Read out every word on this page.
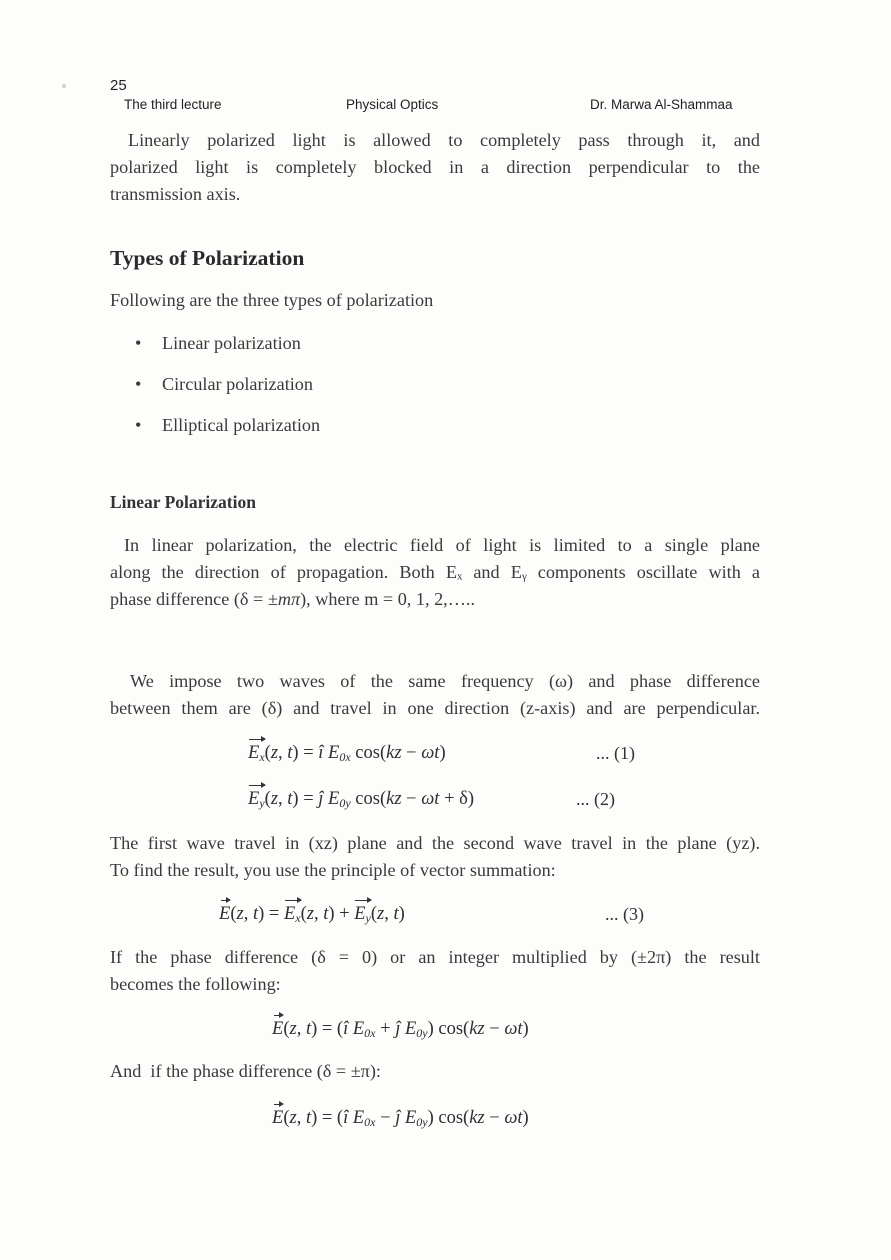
25
The third lecture	Physical Optics	Dr. Marwa Al-Shammaa
Linearly polarized light is allowed to completely pass through it, and
polarized light is completely blocked in a direction perpendicular to the
transmission axis.
Types of Polarization
Following are the three types of polarization
• Linear polarization
• Circular polarization
• Elliptical polarization
Linear Polarization
In linear polarization, the electric field of light is limited to a single plane
along the direction of propagation. Both Eₓ and Eᵧ components oscillate with a
phase difference (δ = ±mπ), where m = 0, 1, 2,…..
We impose two waves of the same frequency (ω) and phase difference
between them are (δ) and travel in one direction (z-axis) and are perpendicular.
$E_x(z$, t) = î $E_{0x}$ cos(kz − ωt)	... (1)
$E_y(z$, t) = ĵ $E_{0y}$ cos(kz − ωt + δ)	... (2)
The first wave travel in (xz) plane and the second wave travel in the plane (yz).
To find the result, you use the principle of vector summation:
E(z, $t) = E_x(z$, $t) + E_y(z$, t)	... (3)
If the phase difference (δ = 0) or an integer multiplied by (±2π) the result
becomes the following:
E(z, t) = (î $E_{0x}$ + ĵ $E_{0y}$) cos(kz − ωt)
And  if the phase difference (δ = ±π):
E(z, t) = (î $E_{0x}$ − ĵ $E_{0y}$) cos(kz − ωt)
